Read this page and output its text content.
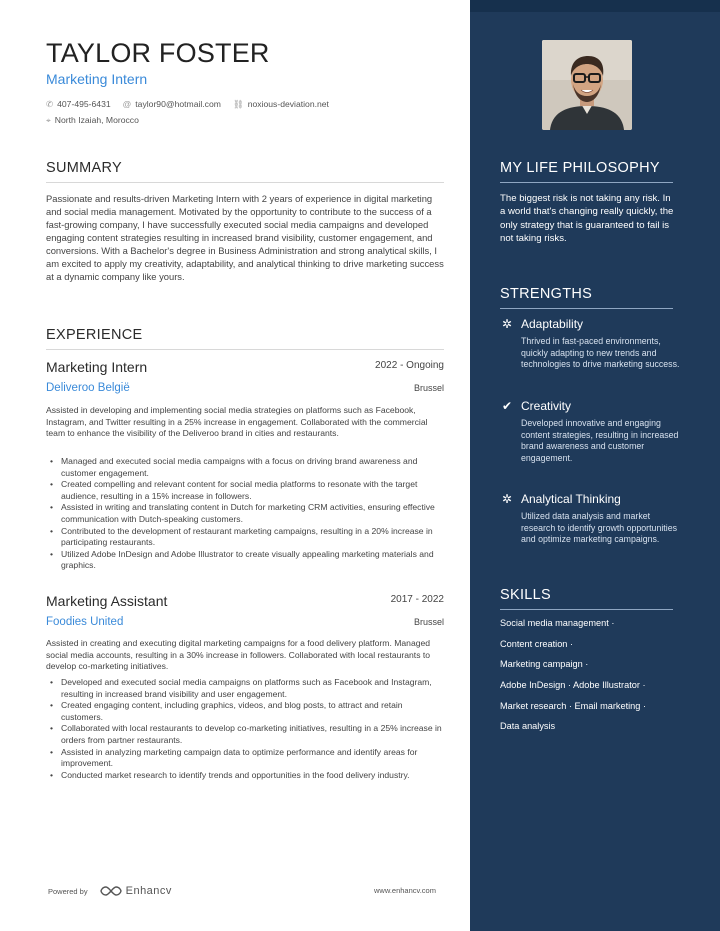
TAYLOR FOSTER
Marketing Intern
✆ 407-495-6431 @ taylor90@hotmail.com ⛓ noxious-deviation.net
⌖ North Izaiah, Morocco
SUMMARY
Passionate and results-driven Marketing Intern with 2 years of experience in digital marketing and social media management. Motivated by the opportunity to contribute to the success of a fast-growing company, I have successfully executed social media campaigns and developed engaging content strategies resulting in increased brand visibility, customer engagement, and conversions. With a Bachelor's degree in Business Administration and strong analytical skills, I am excited to apply my creativity, adaptability, and analytical thinking to drive marketing success at a dynamic company like yours.
EXPERIENCE
Marketing Intern	2022 - Ongoing
Deliveroo België	Brussel
Assisted in developing and implementing social media strategies on platforms such as Facebook, Instagram, and Twitter resulting in a 25% increase in engagement. Collaborated with the commercial team to enhance the visibility of the Deliveroo brand in cities and restaurants.
• Managed and executed social media campaigns with a focus on driving brand awareness and customer engagement.
• Created compelling and relevant content for social media platforms to resonate with the target audience, resulting in a 15% increase in followers.
• Assisted in writing and translating content in Dutch for marketing CRM activities, ensuring effective communication with Dutch-speaking customers.
• Contributed to the development of restaurant marketing campaigns, resulting in a 20% increase in participating restaurants.
• Utilized Adobe InDesign and Adobe Illustrator to create visually appealing marketing materials and graphics.
Marketing Assistant	2017 - 2022
Foodies United	Brussel
Assisted in creating and executing digital marketing campaigns for a food delivery platform. Managed social media accounts, resulting in a 30% increase in followers. Collaborated with local restaurants to develop co-marketing initiatives.
• Developed and executed social media campaigns on platforms such as Facebook and Instagram, resulting in increased brand visibility and user engagement.
• Created engaging content, including graphics, videos, and blog posts, to attract and retain customers.
• Collaborated with local restaurants to develop co-marketing initiatives, resulting in a 25% increase in orders from partner restaurants.
• Assisted in analyzing marketing campaign data to optimize performance and identify areas for improvement.
• Conducted market research to identify trends and opportunities in the food delivery industry.
Powered by	Enhancv	www.enhancv.com
MY LIFE PHILOSOPHY
The biggest risk is not taking any risk. In a world that's changing really quickly, the only strategy that is guaranteed to fail is not taking risks.
STRENGTHS
✲ Adaptability
Thrived in fast-paced environments, quickly adapting to new trends and technologies to drive marketing success.
✔ Creativity
Developed innovative and engaging content strategies, resulting in increased brand awareness and customer engagement.
✲ Analytical Thinking
Utilized data analysis and market research to identify growth opportunities and optimize marketing campaigns.
SKILLS
Social media management ·
Content creation ·
Marketing campaign ·
Adobe InDesign · Adobe Illustrator ·
Market research · Email marketing ·
Data analysis
